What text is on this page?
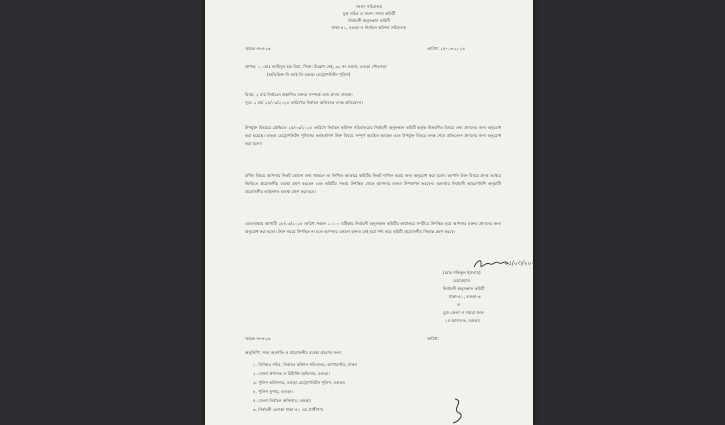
সংসদ সচিবালয়
যুগ্ম সচিব ও সংসদ সদস্য কমিটি
নির্বাচনী অনুসন্ধান কমিটি
ঢাকা-৫১, বগুড়া ও নির্বাচন কমিশন সচিবালয়
স্মারক নং-৫২৬	তারিখ: ২৫-০৩-২০২৪
প্রাপক: ১. মোঃ জাহিদুল হক মিয়া, পিতা: উল্লেখ নেই, ৩২ নং ওয়ার্ড, বগুড়া পৌরসভা
(অতিরিক্ত সি আই ডি বগুড়া মেট্রোপলিটন পুলিশ)
বিষয়: ২ মার্চ নির্বাচনে প্রকাশিত বক্তব্য সম্পর্কে তথ্য প্রদান প্রসঙ্গে।
সূত্র: ২ মার্চ ২৫/০৩/২০২৪ তারিখের নির্বাচন অফিসের তদন্ত প্রতিবেদন।
উপর্যুক্ত বিষয়ের প্রেক্ষিতে ২৫/০৩/২০২৪ তারিখে নির্বাচন কমিশন সচিবালয়ের নির্বাচনী অনুসন্ধান কমিটি কর্তৃক নিম্নবর্ণিত বিষয়ে তথ্য প্রদানের জন্য অনুরোধ করা হয়েছে। বগুড়া মেট্রোপলিটন পুলিশের কর্মকর্তাগণ উক্ত বিষয়ে সম্পূর্ণ অবহিত আছেন এবং উপর্যুক্ত বিষয়ে তদন্ত শেষে প্রতিবেদন প্রদানের জন্য অনুরোধ করা হলো।
বর্ণিত বিষয়ে আপনার নিকট কোনো তথ্য থাকলে তা লিখিত আকারে কমিটির নিকট দাখিল করার জন্য অনুরোধ করা হলো। আপনি উক্ত বিষয়ে প্রদত্ত তথ্যের ভিত্তিতে প্রয়োজনীয় ব্যবস্থা গ্রহণ করবেন এবং কমিটির সভায় উপস্থিত থেকে আপনার বক্তব্য উপস্থাপন করবেন। অন্যথায় নির্বাচনী আচরণবিধি অনুযায়ী প্রয়োজনীয় আইনগত ব্যবস্থা গ্রহণ করা হবে।
এমতাবস্থায় আগামী ২৮/০৩/২০২৪ তারিখ সকাল ১০:০০ ঘটিকায় নির্বাচনী অনুসন্ধান কমিটির কার্যালয়ে সশরীরে উপস্থিত হয়ে আপনার বক্তব্য প্রদানের জন্য অনুরোধ করা হলো। উক্ত সময়ে উপস্থিত না হলে আপনার কোনো বক্তব্য নেই মর্মে গণ্য করে কমিটি প্রয়োজনীয় সিদ্ধান্ত গ্রহণ করবে।
২৫/০৩/২০২৪
(মোঃ শফিকুল ইসলাম)
চেয়ারম্যান
নির্বাচনী অনুসন্ধান কমিটি
ঢাকা-৫১, বগুড়া-৬
ও
যুগ্ম জেলা ও দায়রা জজ
১ম আদালত, বগুড়া।
স্মারক নং-৫২৬	তারিখ:
অনুলিপি: সদয় অবগতি ও প্রয়োজনীয় ব্যবস্থা গ্রহণের জন্য:
১. সিনিয়র সচিব, নির্বাচন কমিশন সচিবালয়, আগারগাঁও, ঢাকা।
২. জেলা প্রশাসক ও রিটার্নিং অফিসার, বগুড়া।
৩. পুলিশ কমিশনার, বগুড়া মেট্রোপলিটন পুলিশ, বগুড়া।
৪. পুলিশ সুপার, বগুড়া।
৫. জেলা নির্বাচন অফিসার, বগুড়া।
৬. নির্বাচনী এলাকা ঢাকা-৫১ এর প্রার্থীগণ।
